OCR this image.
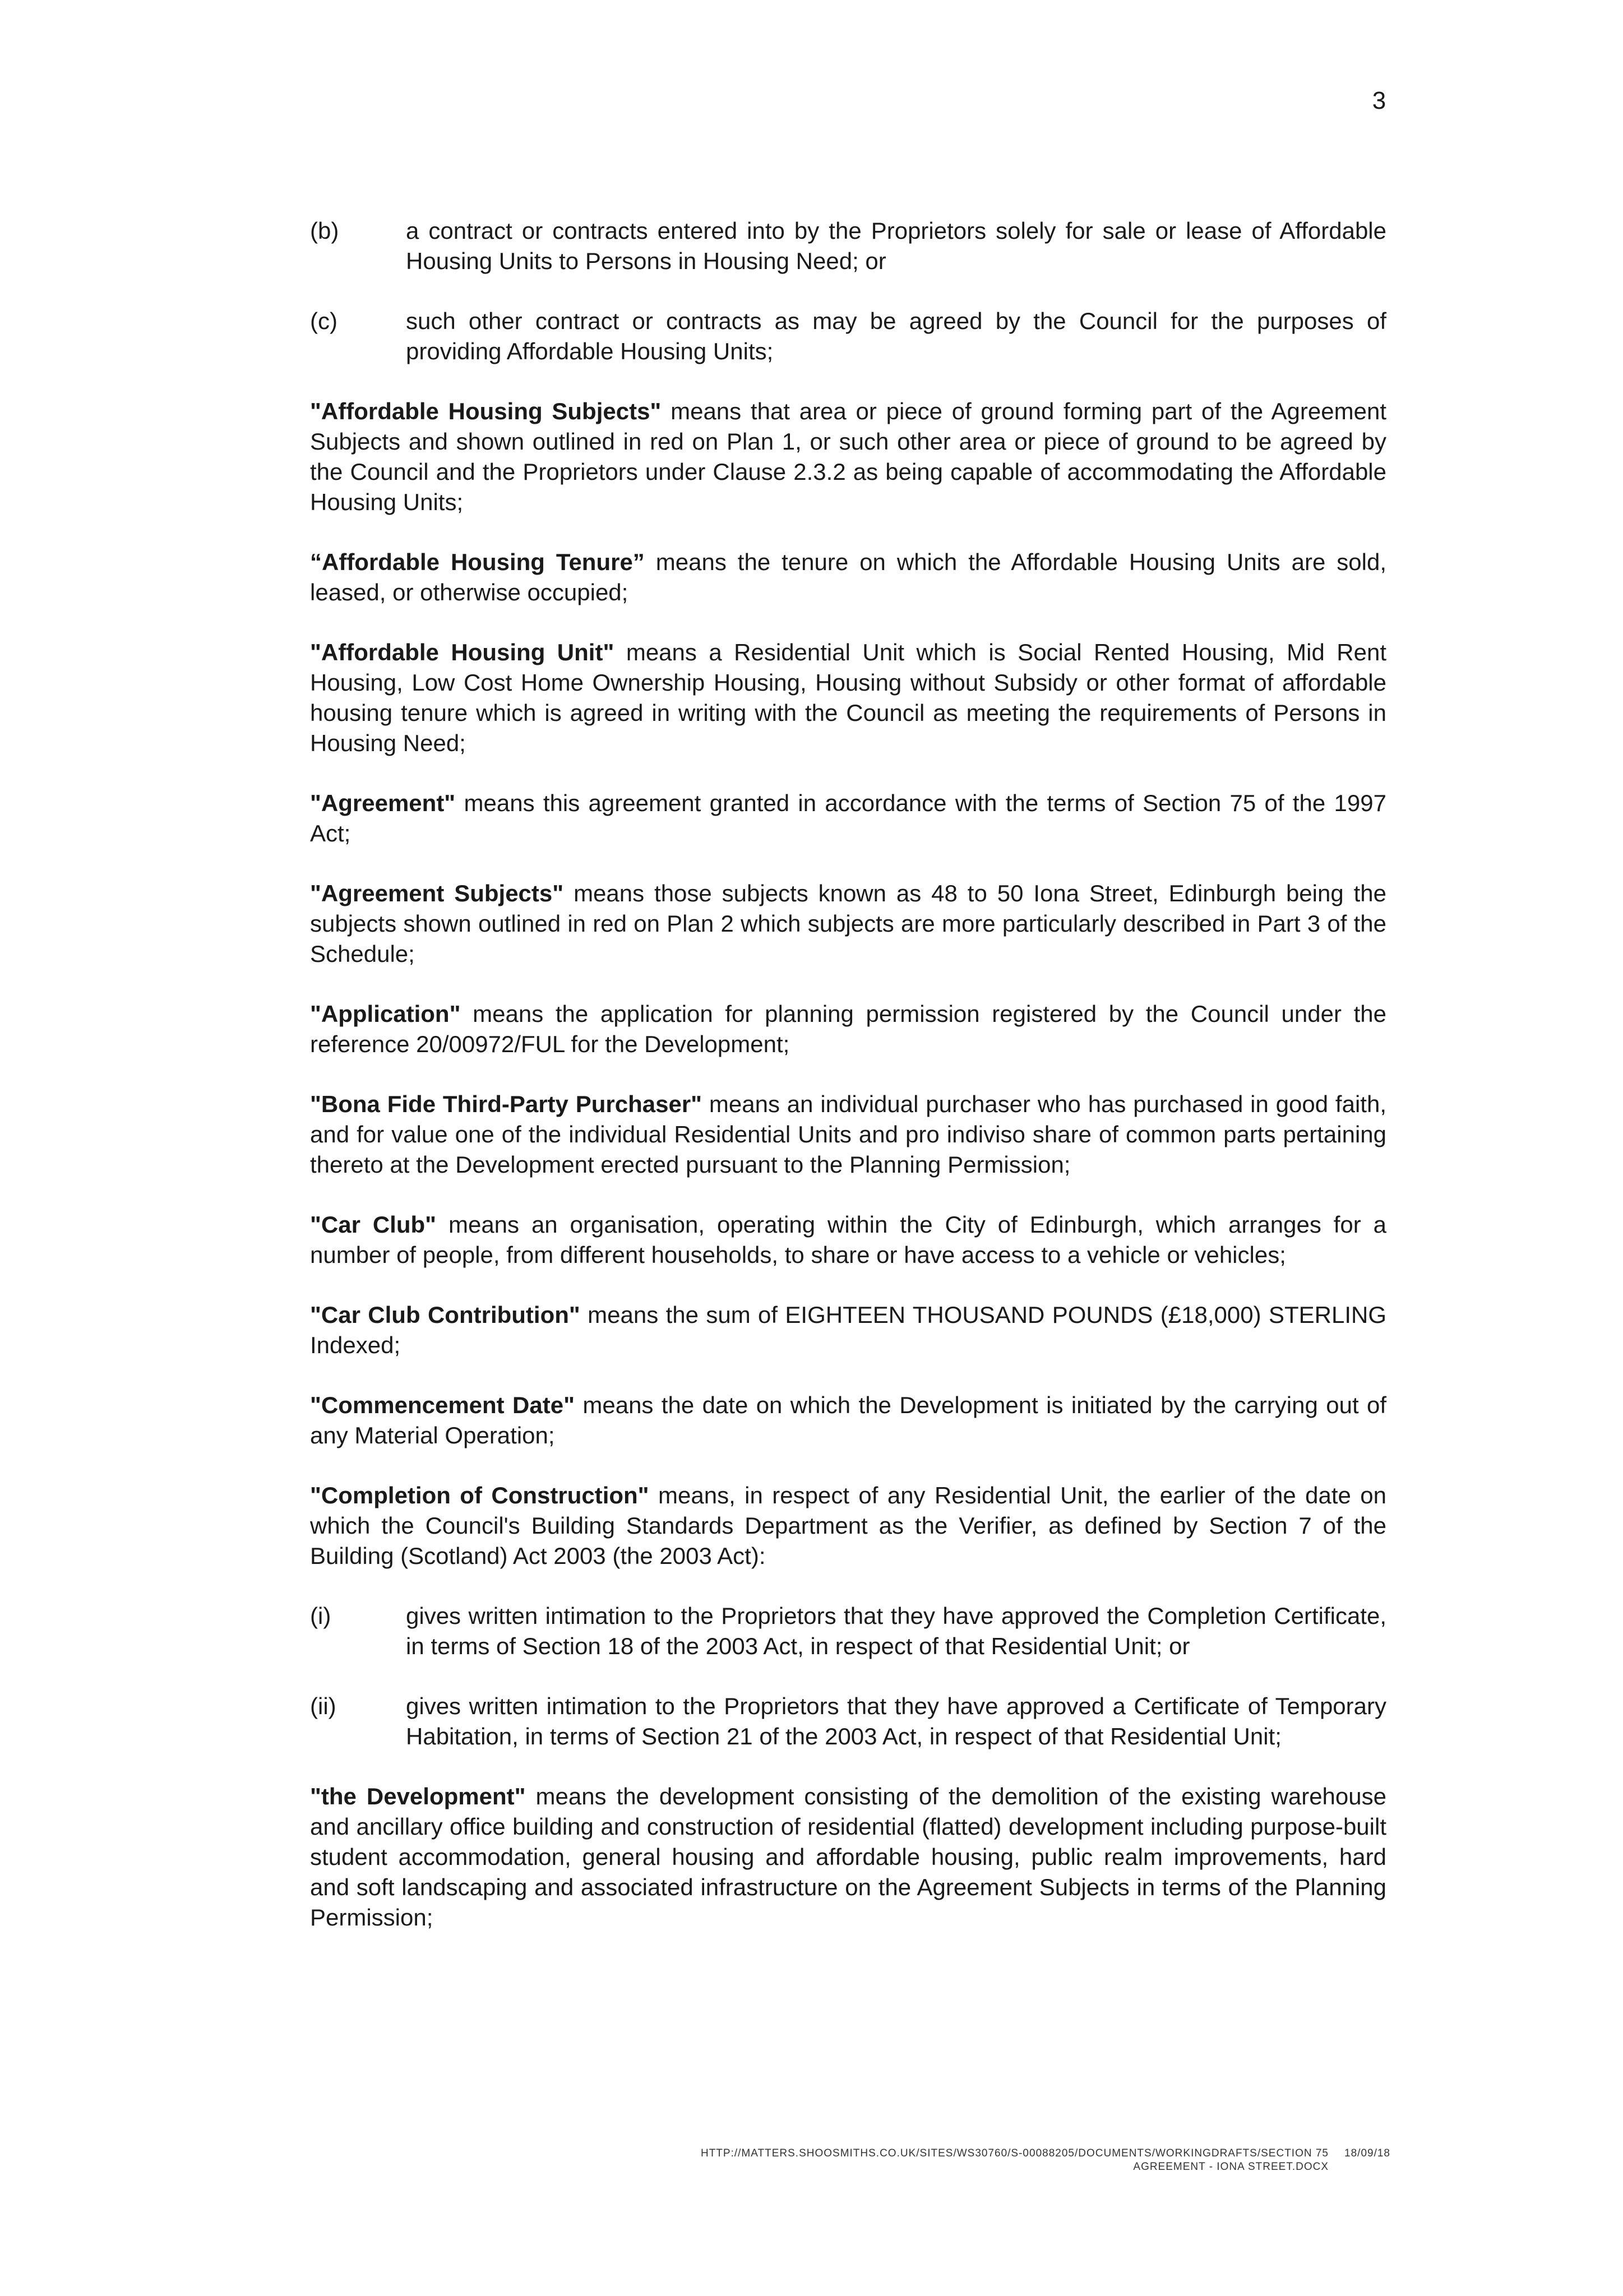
3
(b)	a contract or contracts entered into by the Proprietors solely for sale or lease of Affordable Housing Units to Persons in Housing Need; or
(c)	such other contract or contracts as may be agreed by the Council for the purposes of providing Affordable Housing Units;

"Affordable Housing Subjects" means that area or piece of ground forming part of the Agreement Subjects and shown outlined in red on Plan 1, or such other area or piece of ground to be agreed by the Council and the Proprietors under Clause 2.3.2 as being capable of accommodating the Affordable Housing Units;

“Affordable Housing Tenure” means the tenure on which the Affordable Housing Units are sold, leased, or otherwise occupied;

"Affordable Housing Unit" means a Residential Unit which is Social Rented Housing, Mid Rent Housing, Low Cost Home Ownership Housing, Housing without Subsidy or other format of affordable housing tenure which is agreed in writing with the Council as meeting the requirements of Persons in Housing Need;

"Agreement" means this agreement granted in accordance with the terms of Section 75 of the 1997 Act;

"Agreement Subjects" means those subjects known as 48 to 50 Iona Street, Edinburgh being the subjects shown outlined in red on Plan 2 which subjects are more particularly described in Part 3 of the Schedule;

"Application" means the application for planning permission registered by the Council under the reference 20/00972/FUL for the Development;

"Bona Fide Third-Party Purchaser" means an individual purchaser who has purchased in good faith, and for value one of the individual Residential Units and pro indiviso share of common parts pertaining thereto at the Development erected pursuant to the Planning Permission;

"Car Club" means an organisation, operating within the City of Edinburgh, which arranges for a number of people, from different households, to share or have access to a vehicle or vehicles;

"Car Club Contribution" means the sum of EIGHTEEN THOUSAND POUNDS (£18,000) STERLING Indexed;

"Commencement Date" means the date on which the Development is initiated by the carrying out of any Material Operation;

"Completion of Construction" means, in respect of any Residential Unit, the earlier of the date on which the Council's Building Standards Department as the Verifier, as defined by Section 7 of the Building (Scotland) Act 2003 (the 2003 Act):

(i)	gives written intimation to the Proprietors that they have approved the Completion Certificate, in terms of Section 18 of the 2003 Act, in respect of that Residential Unit; or
(ii)	gives written intimation to the Proprietors that they have approved a Certificate of Temporary Habitation, in terms of Section 21 of the 2003 Act, in respect of that Residential Unit;

"the Development" means the development consisting of the demolition of the existing warehouse and ancillary office building and construction of residential (flatted) development including purpose-built student accommodation, general housing and affordable housing, public realm improvements, hard and soft landscaping and associated infrastructure on the Agreement Subjects in terms of the Planning Permission;

HTTP://MATTERS.SHOOSMITHS.CO.UK/SITES/WS30760/S-00088205/DOCUMENTS/WORKINGDRAFTS/SECTION 75
AGREEMENT - IONA STREET.DOCX
18/09/18
